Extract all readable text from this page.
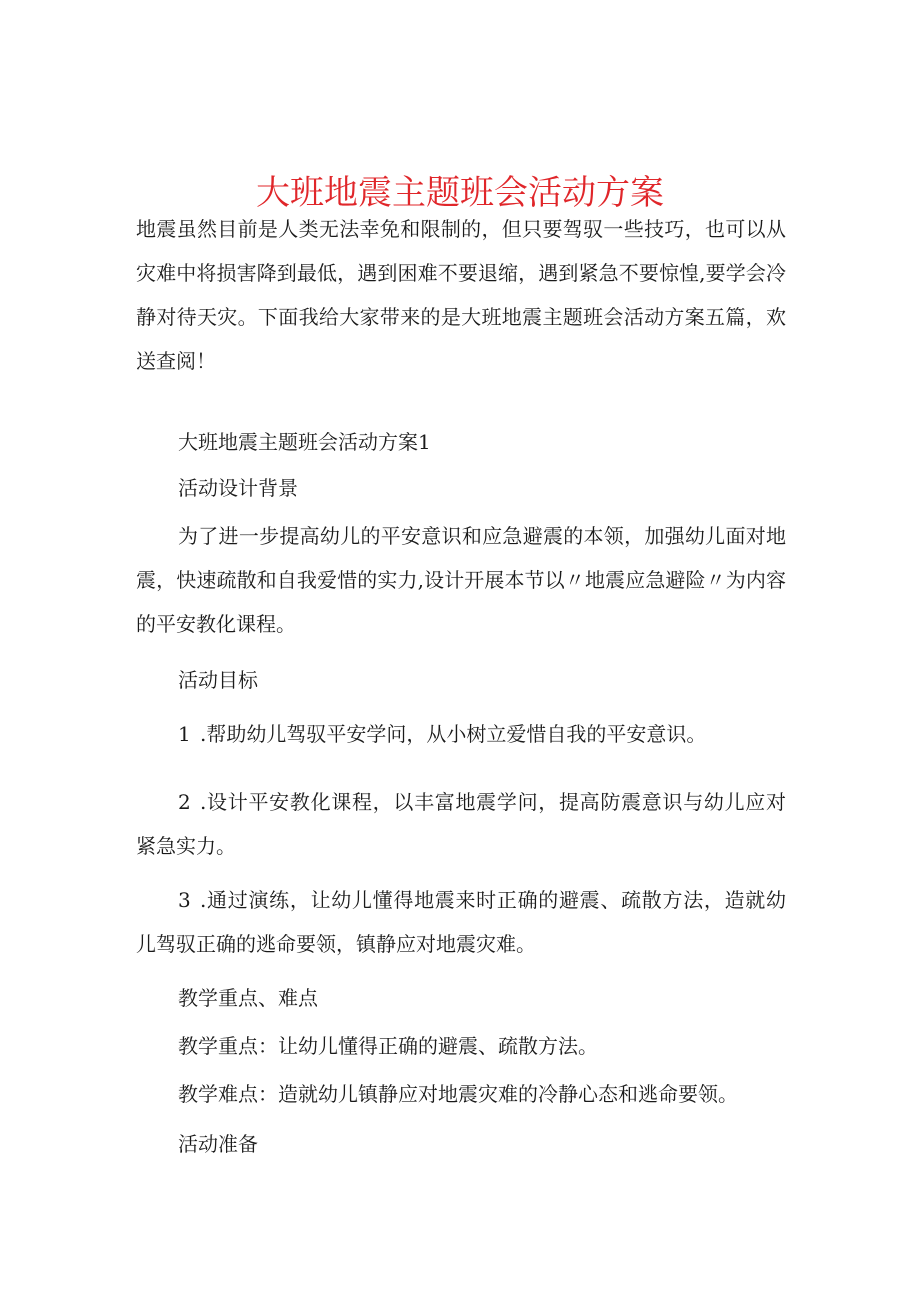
大班地震主题班会活动方案

地震虽然目前是人类无法幸免和限制的，但只要驾驭一些技巧，也可以从灾难中将损害降到最低，遇到困难不要退缩，遇到紧急不要惊惶,要学会冷静对待天灾。下面我给大家带来的是大班地震主题班会活动方案五篇，欢送查阅！

大班地震主题班会活动方案1

活动设计背景

为了进一步提高幼儿的平安意识和应急避震的本领，加强幼儿面对地震，快速疏散和自我爱惜的实力,设计开展本节以〃地震应急避险〃为内容的平安教化课程。

活动目标

1 .帮助幼儿驾驭平安学问，从小树立爱惜自我的平安意识。

2 .设计平安教化课程，以丰富地震学问，提高防震意识与幼儿应对紧急实力。

3 .通过演练，让幼儿懂得地震来时正确的避震、疏散方法，造就幼儿驾驭正确的逃命要领，镇静应对地震灾难。

教学重点、难点

教学重点：让幼儿懂得正确的避震、疏散方法。

教学难点：造就幼儿镇静应对地震灾难的冷静心态和逃命要领。

活动准备
